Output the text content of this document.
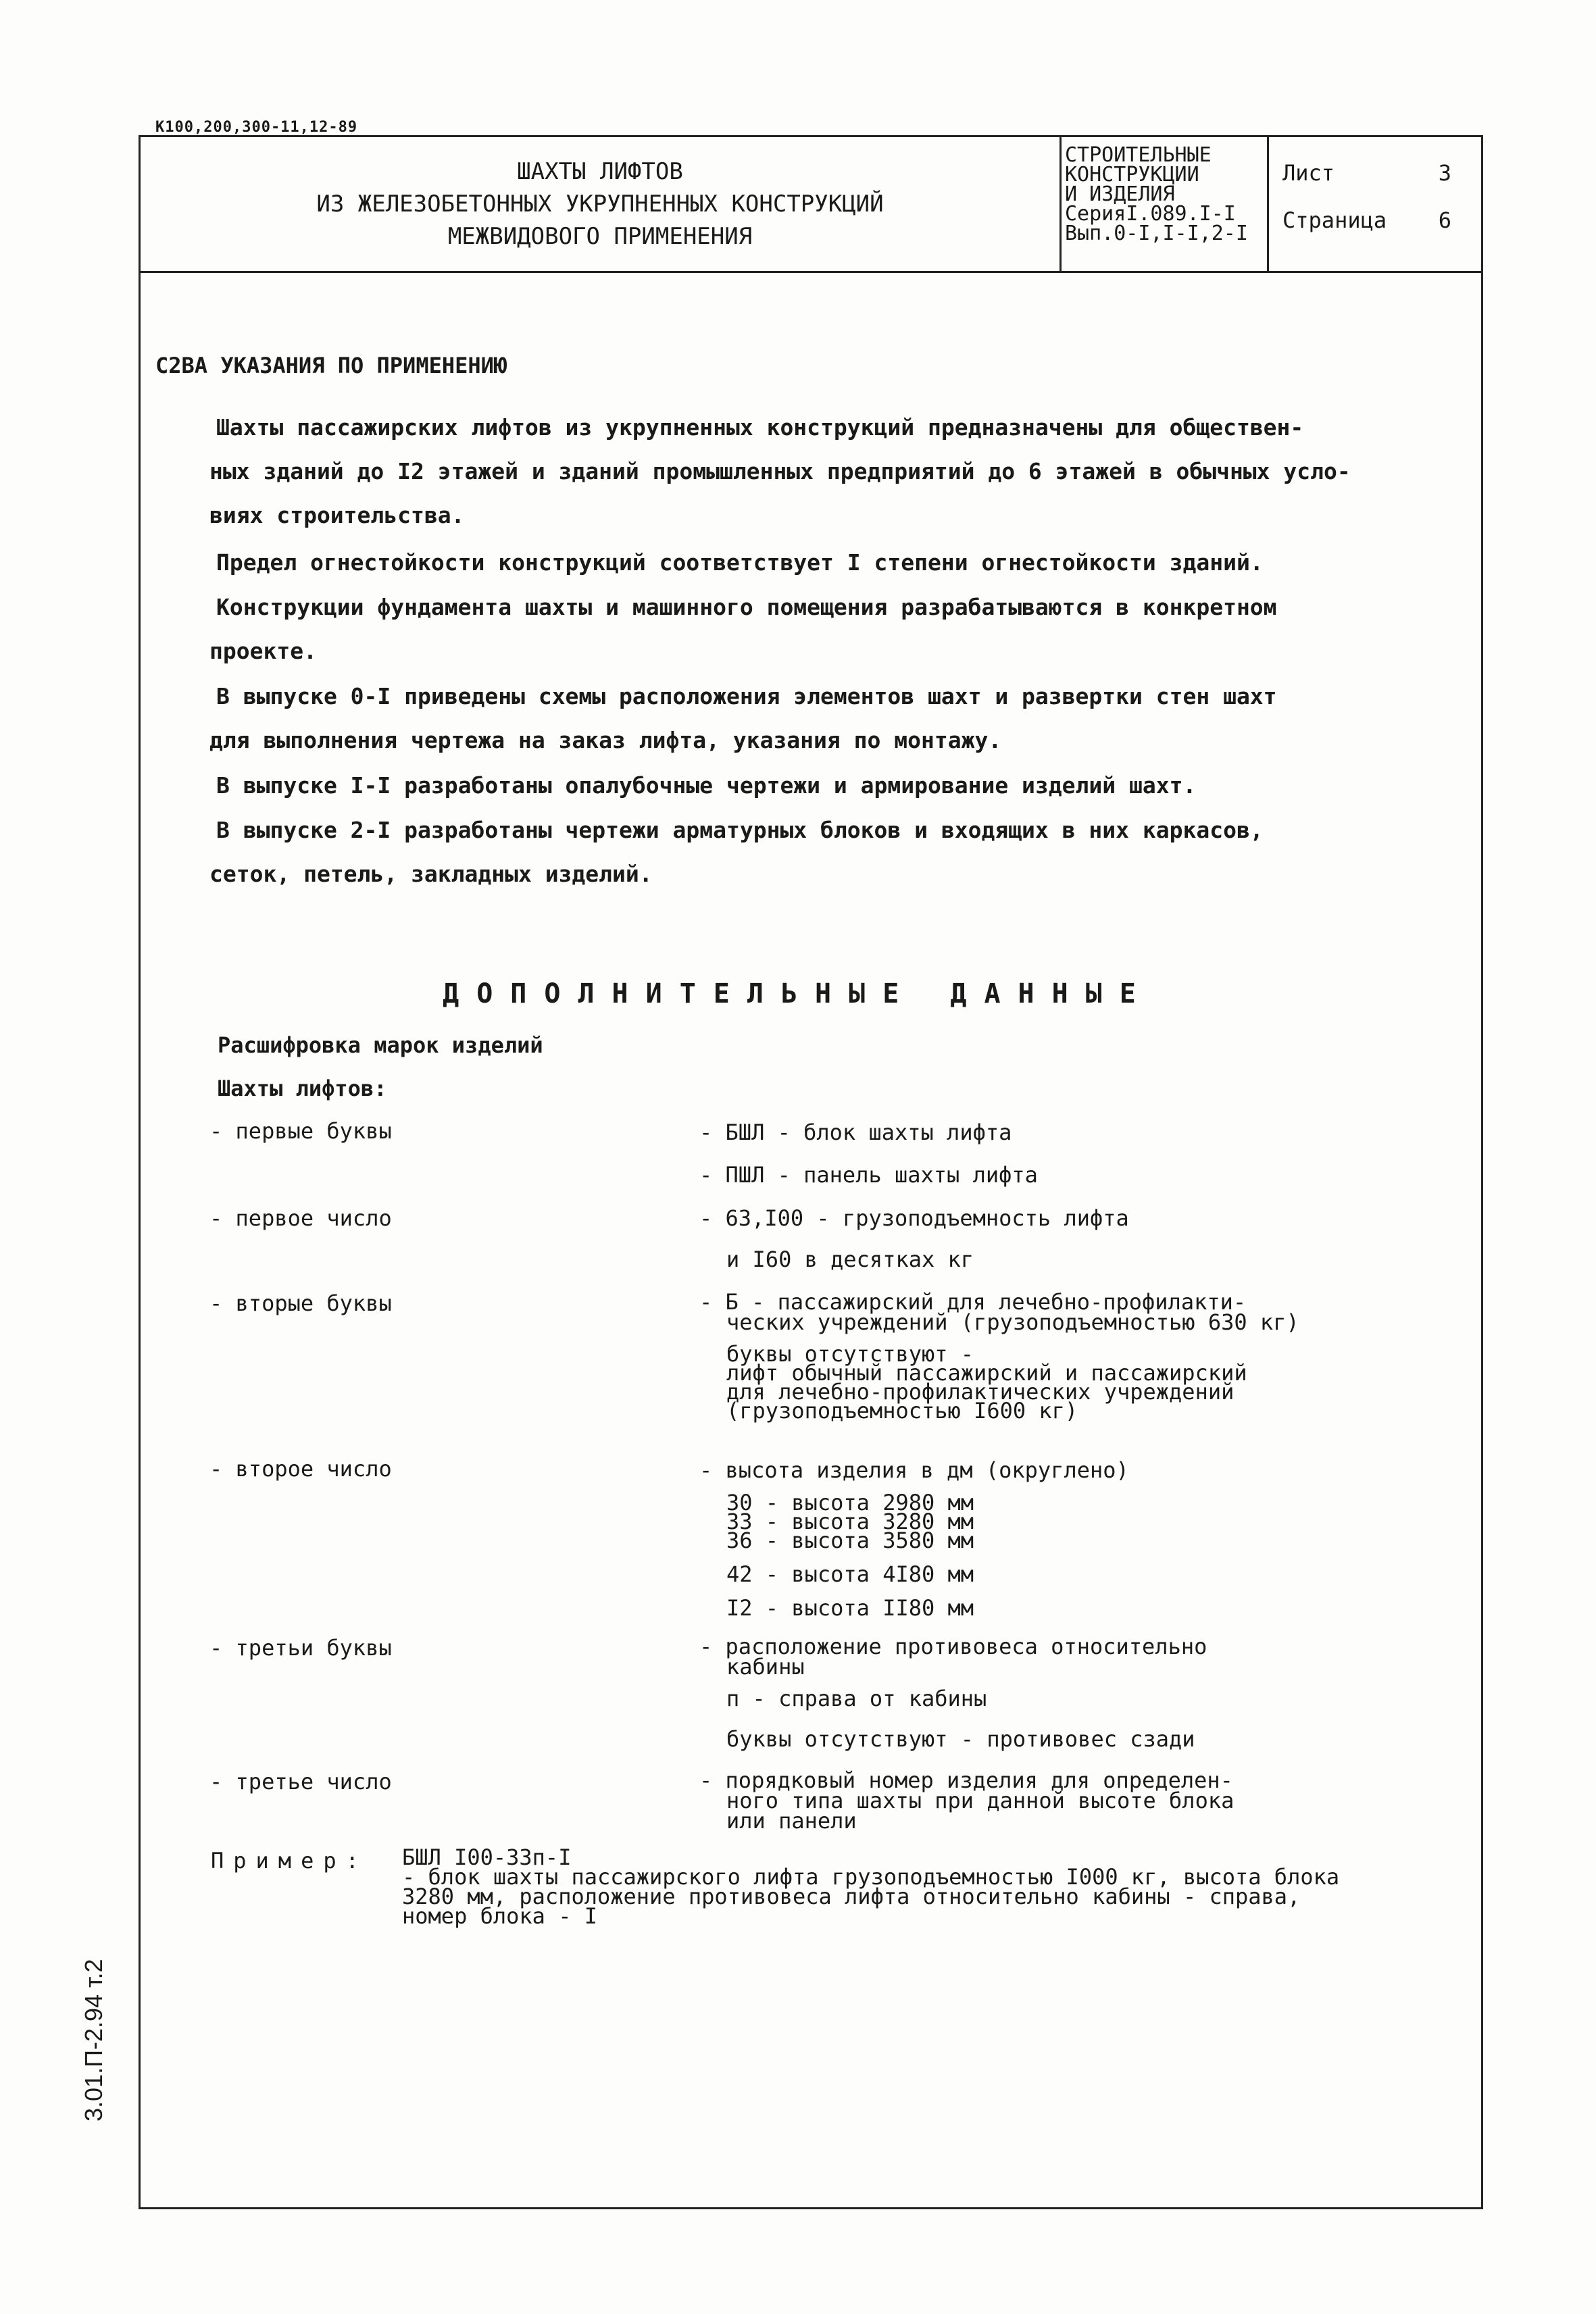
К100,200,300-11,12-89
ШАХТЫ ЛИФТОВ
ИЗ ЖЕЛЕЗОБЕТОННЫХ УКРУПНЕННЫХ КОНСТРУКЦИЙ
МЕЖВИДОВОГО ПРИМЕНЕНИЯ
СТРОИТЕЛЬНЫЕ
КОНСТРУКЦИИ
И ИЗДЕЛИЯ
СерияI.089.I-I
Вып.0-I,I-I,2-I
Лист	3
Страница 6
С2ВА УКАЗАНИЯ ПО ПРИМЕНЕНИЮ
Шахты пассажирских лифтов из укрупненных конструкций предназначены для обществен-
ных зданий до I2 этажей и зданий промышленных предприятий до 6 этажей в обычных усло-
виях строительства.
Предел огнестойкости конструкций соответствует I степени огнестойкости зданий.
Конструкции фундамента шахты и машинного помещения разрабатываются в конкретном
проекте.
В выпуске 0-I приведены схемы расположения элементов шахт и развертки стен шахт
для выполнения чертежа на заказ лифта, указания по монтажу.
В выпуске I-I разработаны опалубочные чертежи и армирование изделий шахт.
В выпуске 2-I разработаны чертежи арматурных блоков и входящих в них каркасов,
сеток, петель, закладных изделий.
ДОПОЛНИТЕЛЬНЫЕ ДАННЫЕ
Расшифровка марок изделий
Шахты лифтов:
- первые буквы	- БШЛ - блок шахты лифта
- ПШЛ - панель шахты лифта
- первое число	- 63,I00 - грузоподъемность лифта
и I60 в десятках кг
- вторые буквы	- Б - пассажирский для лечебно-профилакти-
ческих учреждений (грузоподъемностью 630 кг)
буквы отсутствуют -
лифт обычный пассажирский и пассажирский
для лечебно-профилактических учреждений
(грузоподъемностью I600 кг)
- второе число	- высота изделия в дм (округлено)
30 - высота 2980 мм
33 - высота 3280 мм
36 - высота 3580 мм
42 - высота 4I80 мм
I2 - высота II80 мм
- третьи буквы	- расположение противовеса относительно
кабины
п - справа от кабины
буквы отсутствуют - противовес сзади
- третье число	- порядковый номер изделия для определен-
ного типа шахты при данной высоте блока
или панели
Пример: БШЛ I00-33п-I
- блок шахты пассажирского лифта грузоподъемностью I000 кг, высота блока
3280 мм, расположение противовеса лифта относительно кабины - справа,
номер блока - I
3.01.П-2.94 т.2
